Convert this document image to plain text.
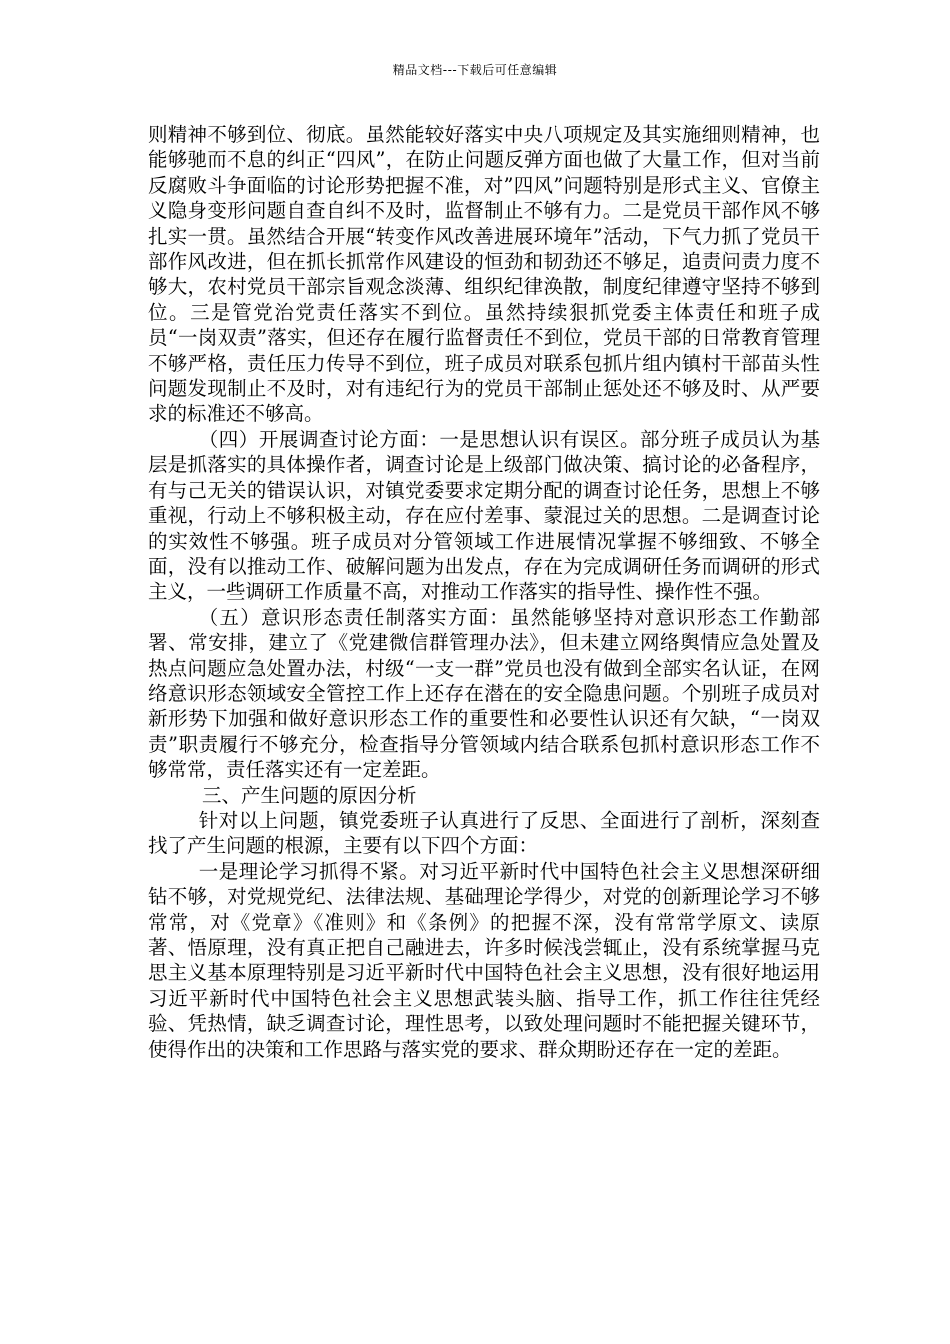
精品文档---下载后可任意编辑

则精神不够到位、彻底。虽然能较好落实中央八项规定及其实施细则精神，也能够驰而不息的纠正“四风”，在防止问题反弹方面也做了大量工作，但对当前反腐败斗争面临的讨论形势把握不准，对”四风”问题特别是形式主义、官僚主义隐身变形问题自查自纠不及时，监督制止不够有力。二是党员干部作风不够扎实一贯。虽然结合开展“转变作风改善进展环境年”活动，下气力抓了党员干部作风改进，但在抓长抓常作风建设的恒劲和韧劲还不够足，追责问责力度不够大，农村党员干部宗旨观念淡薄、组织纪律涣散，制度纪律遵守坚持不够到位。三是管党治党责任落实不到位。虽然持续狠抓党委主体责任和班子成员“一岗双责”落实，但还存在履行监督责任不到位，党员干部的日常教育管理不够严格，责任压力传导不到位，班子成员对联系包抓片组内镇村干部苗头性问题发现制止不及时，对有违纪行为的党员干部制止惩处还不够及时、从严要求的标准还不够高。

（四）开展调查讨论方面：一是思想认识有误区。部分班子成员认为基层是抓落实的具体操作者，调查讨论是上级部门做决策、搞讨论的必备程序，有与己无关的错误认识，对镇党委要求定期分配的调查讨论任务，思想上不够重视，行动上不够积极主动，存在应付差事、蒙混过关的思想。二是调查讨论的实效性不够强。班子成员对分管领域工作进展情况掌握不够细致、不够全面，没有以推动工作、破解问题为出发点，存在为完成调研任务而调研的形式主义，一些调研工作质量不高，对推动工作落实的指导性、操作性不强。

（五）意识形态责任制落实方面：虽然能够坚持对意识形态工作勤部署、常安排，建立了《党建微信群管理办法》，但未建立网络舆情应急处置及热点问题应急处置办法，村级“一支一群”党员也没有做到全部实名认证，在网络意识形态领域安全管控工作上还存在潜在的安全隐患问题。个别班子成员对新形势下加强和做好意识形态工作的重要性和必要性认识还有欠缺，“一岗双责”职责履行不够充分，检查指导分管领域内结合联系包抓村意识形态工作不够常常，责任落实还有一定差距。

三、产生问题的原因分析

针对以上问题，镇党委班子认真进行了反思、全面进行了剖析，深刻查找了产生问题的根源，主要有以下四个方面：

一是理论学习抓得不紧。对习近平新时代中国特色社会主义思想深研细钻不够，对党规党纪、法律法规、基础理论学得少，对党的创新理论学习不够常常，对《党章》《准则》和《条例》的把握不深，没有常常学原文、读原著、悟原理，没有真正把自己融进去，许多时候浅尝辄止，没有系统掌握马克思主义基本原理特别是习近平新时代中国特色社会主义思想，没有很好地运用习近平新时代中国特色社会主义思想武装头脑、指导工作，抓工作往往凭经验、凭热情，缺乏调查讨论，理性思考，以致处理问题时不能把握关键环节，使得作出的决策和工作思路与落实党的要求、群众期盼还存在一定的差距。
